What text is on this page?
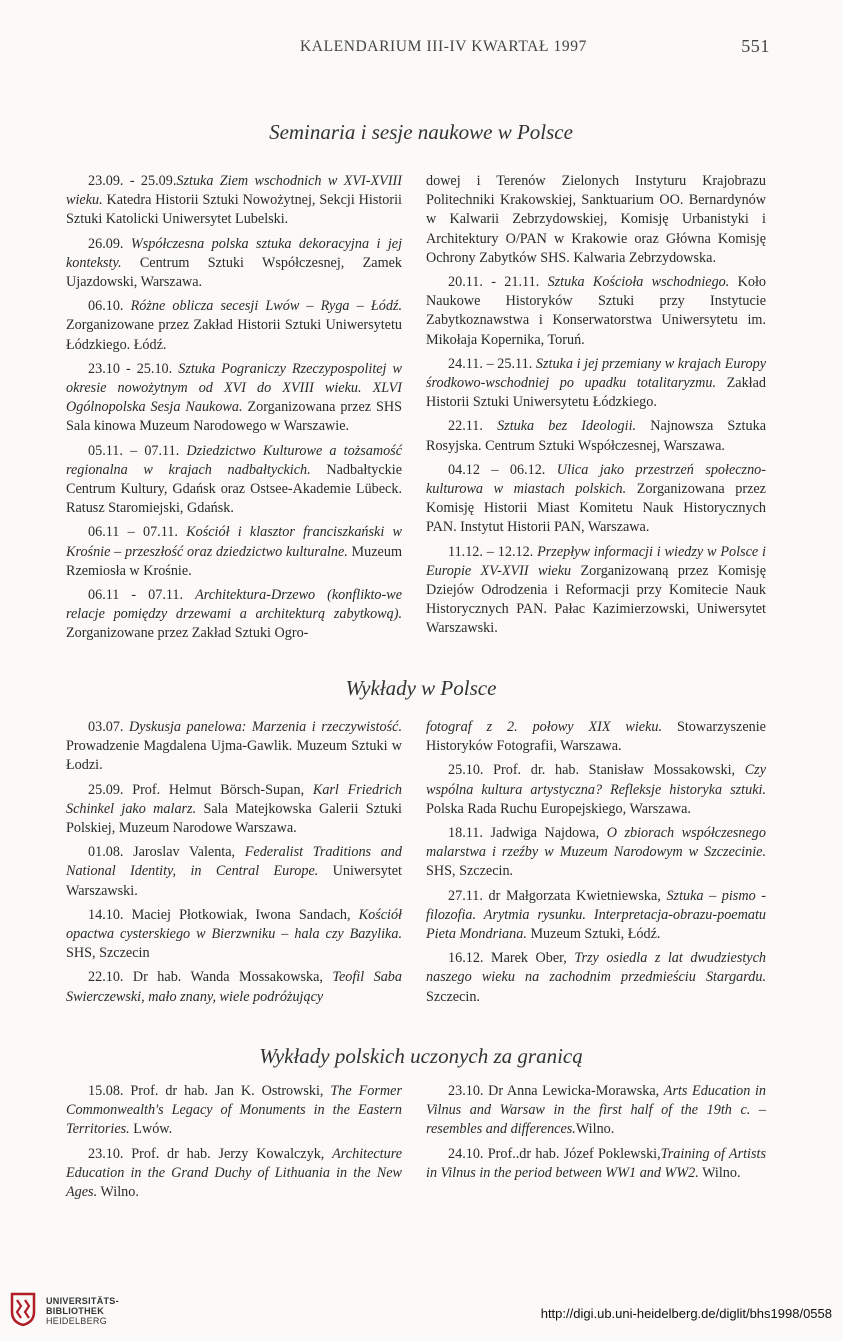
KALENDARIUM III-IV KWARTAŁ 1997	551
Seminaria i sesje naukowe w Polsce

23.09. - 25.09.Sztuka Ziem wschodnich w XVI-XVIII wieku. Katedra Historii Sztuki Nowożytnej, Sekcji Historii Sztuki Katolicki Uniwersytet Lubelski.

26.09. Współczesna polska sztuka dekoracyjna i jej konteksty. Centrum Sztuki Współczesnej, Zamek Ujazdowski, Warszawa.

06.10. Różne oblicza secesji Lwów – Ryga – Łódź. Zorganizowane przez Zakład Historii Sztuki Uniwersytetu Łódzkiego. Łódź.

23.10 - 25.10. Sztuka Pograniczy Rzeczypospolitej w okresie nowożytnym od XVI do XVIII wieku. XLVI Ogólnopolska Sesja Naukowa. Zorganizowana przez SHS Sala kinowa Muzeum Narodowego w Warszawie.

05.11. – 07.11. Dziedzictwo Kulturowe a tożsamość regionalna w krajach nadbałtyckich. Nadbałtyckie Centrum Kultury, Gdańsk oraz Ostsee-Akademie Lübeck. Ratusz Staromiejski, Gdańsk.

06.11 – 07.11. Kościół i klasztor franciszkański w Krośnie – przeszłość oraz dziedzictwo kulturalne. Muzeum Rzemiosła w Krośnie.

06.11 - 07.11. Architektura-Drzewo (konflikto-we relacje pomiędzy drzewami a architekturą zabytkową). Zorganizowane przez Zakład Sztuki Ogro-

dowej i Terenów Zielonych Instyturu Krajobrazu Politechniki Krakowskiej, Sanktuarium OO. Bernardynów w Kalwarii Zebrzydowskiej, Komisję Urbanistyki i Architektury O/PAN w Krakowie oraz Główna Komisję Ochrony Zabytków SHS. Kalwaria Zebrzydowska.

20.11. - 21.11. Sztuka Kościoła wschodniego. Koło Naukowe Historyków Sztuki przy Instytucie Zabytkoznawstwa i Konserwatorstwa Uniwersytetu im. Mikołaja Kopernika, Toruń.

24.11. – 25.11. Sztuka i jej przemiany w krajach Europy środkowo-wschodniej po upadku totalitaryzmu. Zakład Historii Sztuki Uniwersytetu Łódzkiego.

22.11. Sztuka bez Ideologii. Najnowsza Sztuka Rosyjska. Centrum Sztuki Współczesnej, Warszawa.

04.12 – 06.12. Ulica jako przestrzeń społeczno-kulturowa w miastach polskich. Zorganizowana przez Komisję Historii Miast Komitetu Nauk Historycznych PAN. Instytut Historii PAN, Warszawa.

11.12. – 12.12. Przepływ informacji i wiedzy w Polsce i Europie XV-XVII wieku Zorganizowaną przez Komisję Dziejów Odrodzenia i Reformacji przy Komitecie Nauk Historycznych PAN. Pałac Kazimierzowski, Uniwersytet Warszawski.

Wykłady w Polsce

03.07. Dyskusja panelowa: Marzenia i rzeczywistość. Prowadzenie Magdalena Ujma-Gawlik. Muzeum Sztuki w Łodzi.

25.09. Prof. Helmut Börsch-Supan, Karl Friedrich Schinkel jako malarz. Sala Matejkowska Galerii Sztuki Polskiej, Muzeum Narodowe Warszawa.

01.08. Jaroslav Valenta, Federalist Traditions and National Identity, in Central Europe. Uniwersytet Warszawski.

14.10. Maciej Płotkowiak, Iwona Sandach, Kościół opactwa cysterskiego w Bierzwniku – hala czy Bazylika. SHS, Szczecin

22.10. Dr hab. Wanda Mossakowska, Teofil Saba Swierczewski, mało znany, wiele podróżujący

fotograf z 2. połowy XIX wieku. Stowarzyszenie Historyków Fotografii, Warszawa.

25.10. Prof. dr. hab. Stanisław Mossakowski, Czy wspólna kultura artystyczna? Refleksje historyka sztuki. Polska Rada Ruchu Europejskiego, Warszawa.

18.11. Jadwiga Najdowa, O zbiorach współczesnego malarstwa i rzeźby w Muzeum Narodowym w Szczecinie. SHS, Szczecin.

27.11. dr Małgorzata Kwietniewska, Sztuka – pismo - filozofia. Arytmia rysunku. Interpretacja-obrazu-poematu Pieta Mondriana. Muzeum Sztuki, Łódź.

16.12. Marek Ober, Trzy osiedla z lat dwudziestych naszego wieku na zachodnim przedmieściu Stargardu. Szczecin.

Wykłady polskich uczonych za granicą

15.08. Prof. dr hab. Jan K. Ostrowski, The Former Commonwealth's Legacy of Monuments in the Eastern Territories. Lwów.

23.10. Prof. dr hab. Jerzy Kowalczyk, Architecture Education in the Grand Duchy of Lithuania in the New Ages. Wilno.

23.10. Dr Anna Lewicka-Morawska, Arts Education in Vilnus and Warsaw in the first half of the 19th c. – resembles and differences.Wilno.

24.10. Prof..dr hab. Józef Poklewski,Training of Artists in Vilnus in the period between WW1 and WW2. Wilno.

UNIVERSITÄTS-
BIBLIOTHEK
HEIDELBERG	http://digi.ub.uni-heidelberg.de/diglit/bhs1998/0558
